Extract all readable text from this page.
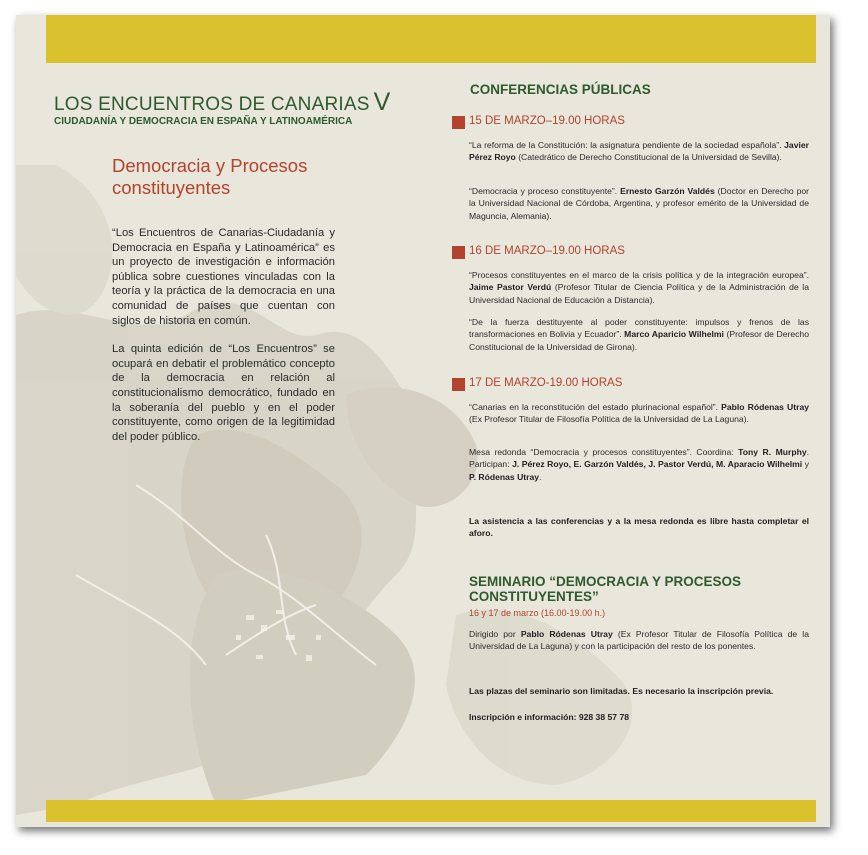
LOS ENCUENTROS DE CANARIAS V
CIUDADANÍA Y DEMOCRACIA EN ESPAÑA Y LATINOAMÉRICA
Democracia y Procesos
constituyentes

“Los Encuentros de Canarias-Ciudadanía y Democracia en España y Latinoamérica” es un proyecto de investigación e información pública sobre cuestiones vinculadas con la teoría y la práctica de la democracia en una comunidad de países que cuentan con siglos de historia en común.

La quinta edición de “Los Encuentros” se ocupará en debatir el problemático concepto de la democracia en relación al constitucionalismo democrático, fundado en la soberanía del pueblo y en el poder constituyente, como origen de la legitimidad del poder público.

CONFERENCIAS PÚBLICAS
15 DE MARZO–19.00 HORAS
“La reforma de la Constitución: la asignatura pendiente de la sociedad española”. Javier Pérez Royo (Catedrático de Derecho Constitucional de la Universidad de Sevilla).
“Democracia y proceso constituyente”. Ernesto Garzón Valdés (Doctor en Derecho por la Universidad Nacional de Córdoba, Argentina, y profesor emérito de la Universidad de Maguncia, Alemania).
16 DE MARZO–19.00 HORAS
“Procesos constituyentes en el marco de la crisis política y de la integración europea”. Jaime Pastor Verdú (Profesor Titular de Ciencia Política y de la Administración de la Universidad Nacional de Educación a Distancia).
“De la fuerza destituyente al poder constituyente: impulsos y frenos de las transformaciones en Bolivia y Ecuador”. Marco Aparicio Wilhelmi (Profesor de Derecho Constitucional de la Universidad de Girona).
17 DE MARZO-19.00 HORAS
“Canarias en la reconstitución del estado plurinacional español”. Pablo Ródenas Utray (Ex Profesor Titular de Filosofía Política de la Universidad de La Laguna).
Mesa redonda “Democracia y procesos constituyentes”. Coordina: Tony R. Murphy. Participan: J. Pérez Royo, E. Garzón Valdés, J. Pastor Verdú, M. Aparacio Wilhelmi y P. Ródenas Utray.
La asistencia a las conferencias y a la mesa redonda es libre hasta completar el aforo.
SEMINARIO “DEMOCRACIA Y PROCESOS CONSTITUYENTES”
16 y 17 de marzo (16.00-19.00 h.)
Dirigido por Pablo Ródenas Utray (Ex Profesor Titular de Filosofía Política de la Universidad de La Laguna) y con la participación del resto de los ponentes.
Las plazas del seminario son limitadas. Es necesario la inscripción previa.
Inscripción e información: 928 38 57 78
